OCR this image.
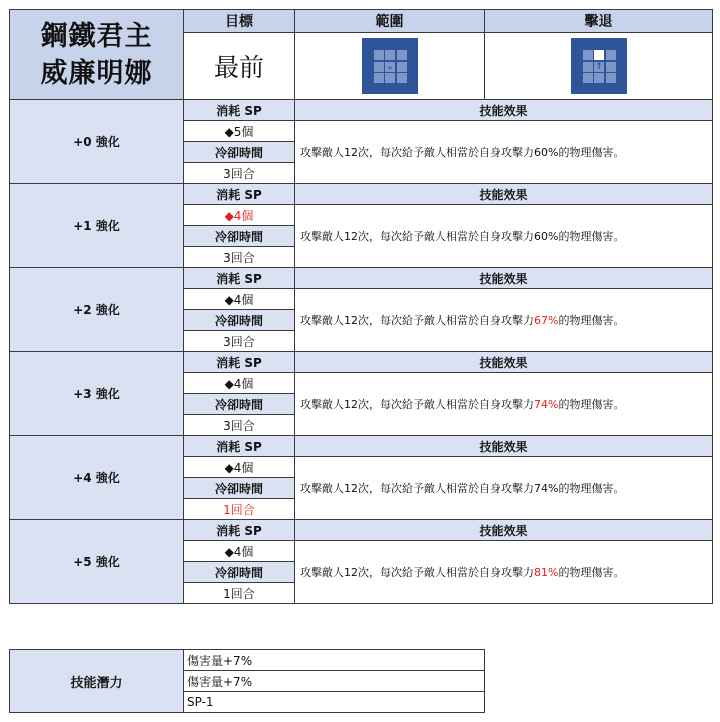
鋼鐵君主
威廉明娜	目標	範圍	擊退
	最前	⌄	↑

+0 強化	消耗 SP	技能效果	
	◆5個	攻擊敵人12次，每次給予敵人相當於自身攻擊力60%的物理傷害。	
	冷卻時間		
	3回合		
+1 強化	消耗 SP	技能效果	
	◆4個	攻擊敵人12次，每次給予敵人相當於自身攻擊力60%的物理傷害。	
	冷卻時間		
	3回合		
+2 強化	消耗 SP	技能效果	
	◆4個	攻擊敵人12次，每次給予敵人相當於自身攻擊力67%的物理傷害。	
	冷卻時間		
	3回合		
+3 強化	消耗 SP	技能效果	
	◆4個	攻擊敵人12次，每次給予敵人相當於自身攻擊力74%的物理傷害。	
	冷卻時間		
	3回合		
+4 強化	消耗 SP	技能效果	
	◆4個	攻擊敵人12次，每次給予敵人相當於自身攻擊力74%的物理傷害。	
	冷卻時間		
	1回合		
+5 強化	消耗 SP	技能效果	
	◆4個	攻擊敵人12次，每次給予敵人相當於自身攻擊力81%的物理傷害。	
	冷卻時間		
	1回合		
技能潛力	傷害量+7%
傷害量+7%
SP-1
